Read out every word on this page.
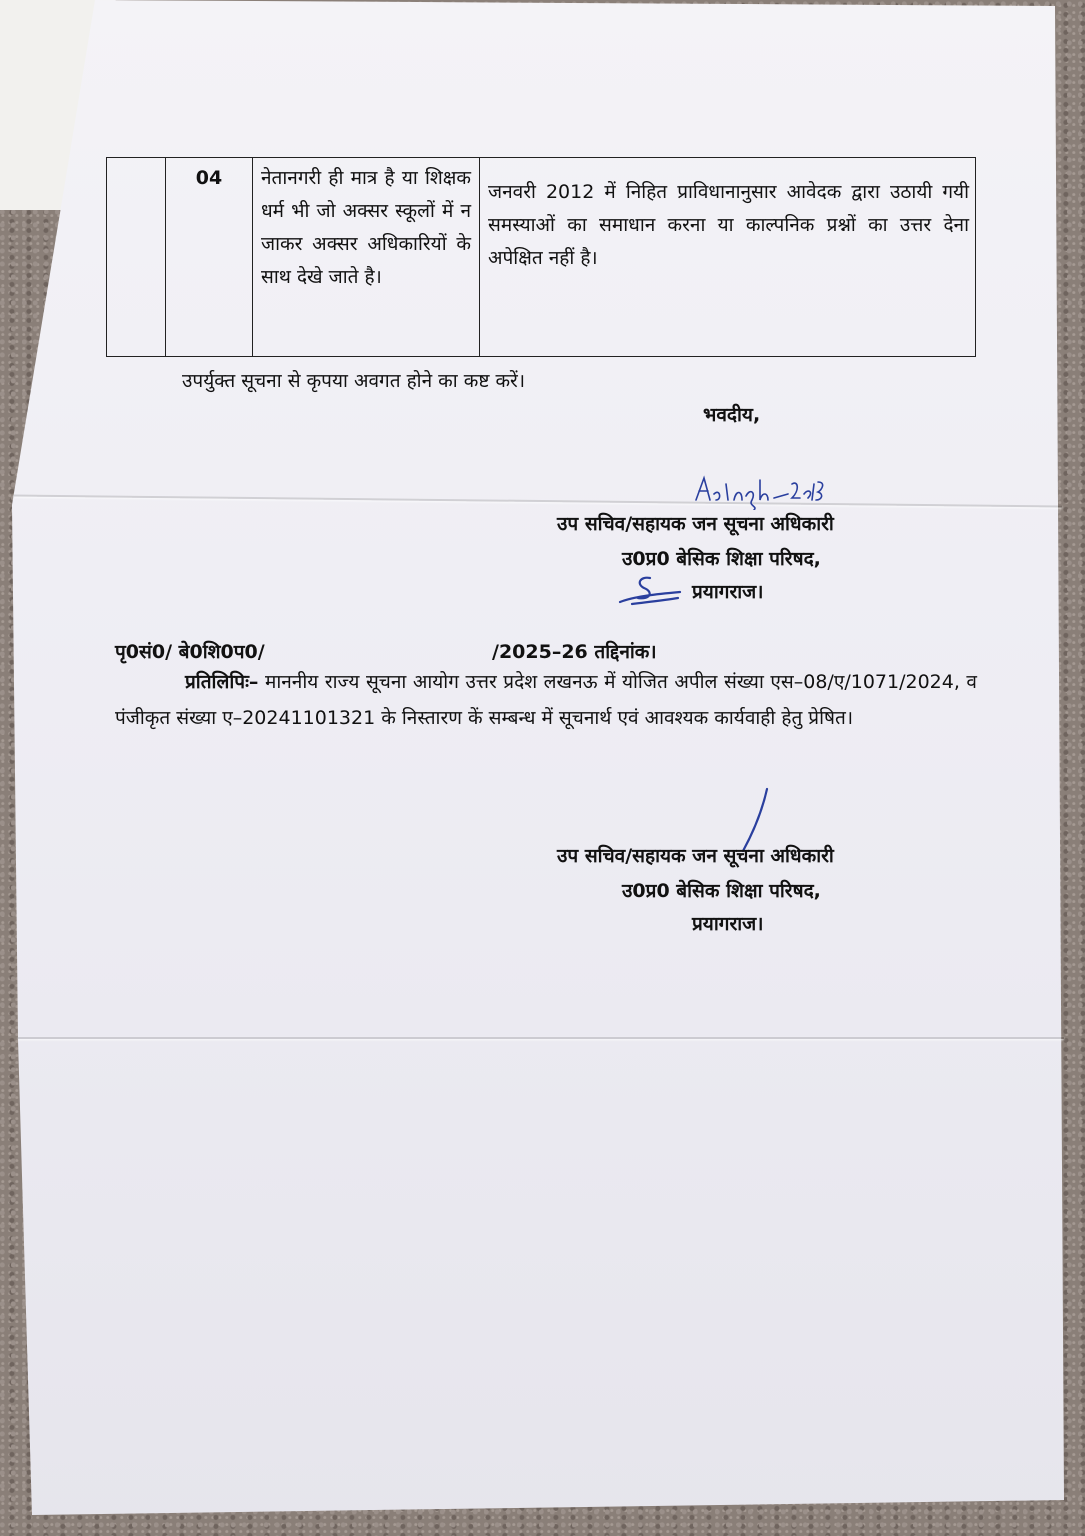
	04	नेतानगरी ही मात्र है या शिक्षक धर्म भी जो अक्सर स्कूलों में न जाकर अक्सर अधिकारियों के साथ देखे जाते है।	जनवरी 2012 में निहित प्राविधानानुसार आवेदक द्वारा उठायी गयी समस्याओं का समाधान करना या काल्पनिक प्रश्नों का उत्तर देना अपेक्षित नहीं है।
उपर्युक्त सूचना से कृपया अवगत होने का कष्ट करें।
भवदीय,
उप सचिव/सहायक जन सूचना अधिकारी
उ0प्र0 बेसिक शिक्षा परिषद,
प्रयागराज।
पृ0सं0/ बे0शि0प0/	/2025–26 तद्दिनांक।
प्रतिलिपिः– माननीय राज्य सूचना आयोग उत्तर प्रदेश लखनऊ में योजित अपील संख्या एस–08/ए/1071/2024, व पंजीकृत संख्या ए–20241101321 के निस्तारण कें सम्बन्ध में सूचनार्थ एवं आवश्यक कार्यवाही हेतु प्रेषित।
उप सचिव/सहायक जन सूचना अधिकारी
उ0प्र0 बेसिक शिक्षा परिषद,
प्रयागराज।
